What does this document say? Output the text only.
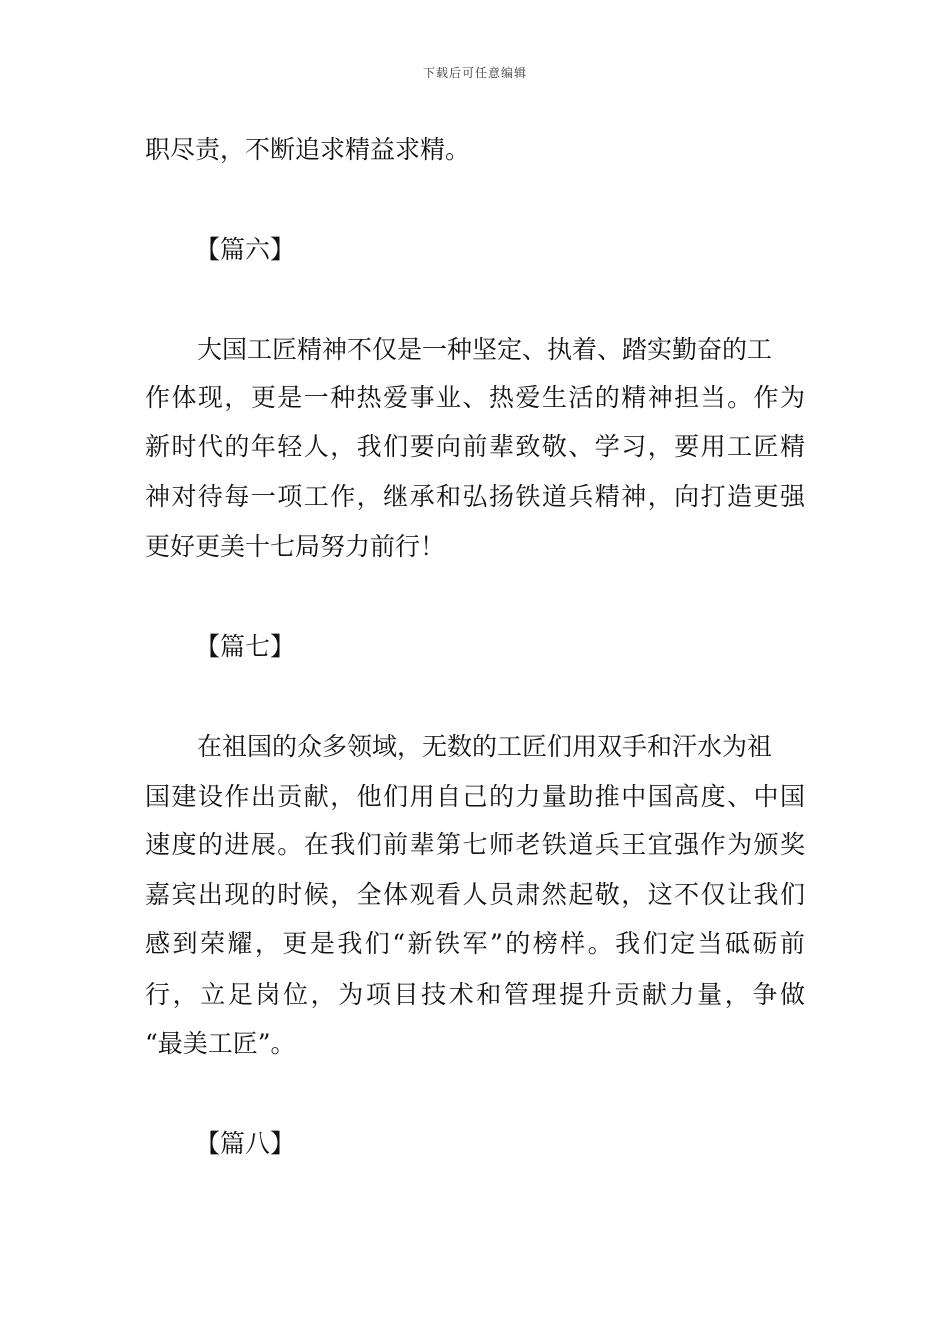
下载后可任意编辑
职尽责，不断追求精益求精。
【篇六】
大国工匠精神不仅是一种坚定、执着、踏实勤奋的工
作体现，更是一种热爱事业、热爱生活的精神担当。作为
新时代的年轻人，我们要向前辈致敬、学习，要用工匠精
神对待每一项工作，继承和弘扬铁道兵精神，向打造更强
更好更美十七局努力前行！
【篇七】
在祖国的众多领域，无数的工匠们用双手和汗水为祖
国建设作出贡献，他们用自己的力量助推中国高度、中国
速度的进展。在我们前辈第七师老铁道兵王宜强作为颁奖
嘉宾出现的时候，全体观看人员肃然起敬，这不仅让我们
感到荣耀，更是我们“新铁军”的榜样。我们定当砥砺前
行，立足岗位，为项目技术和管理提升贡献力量，争做
“最美工匠”。
【篇八】
